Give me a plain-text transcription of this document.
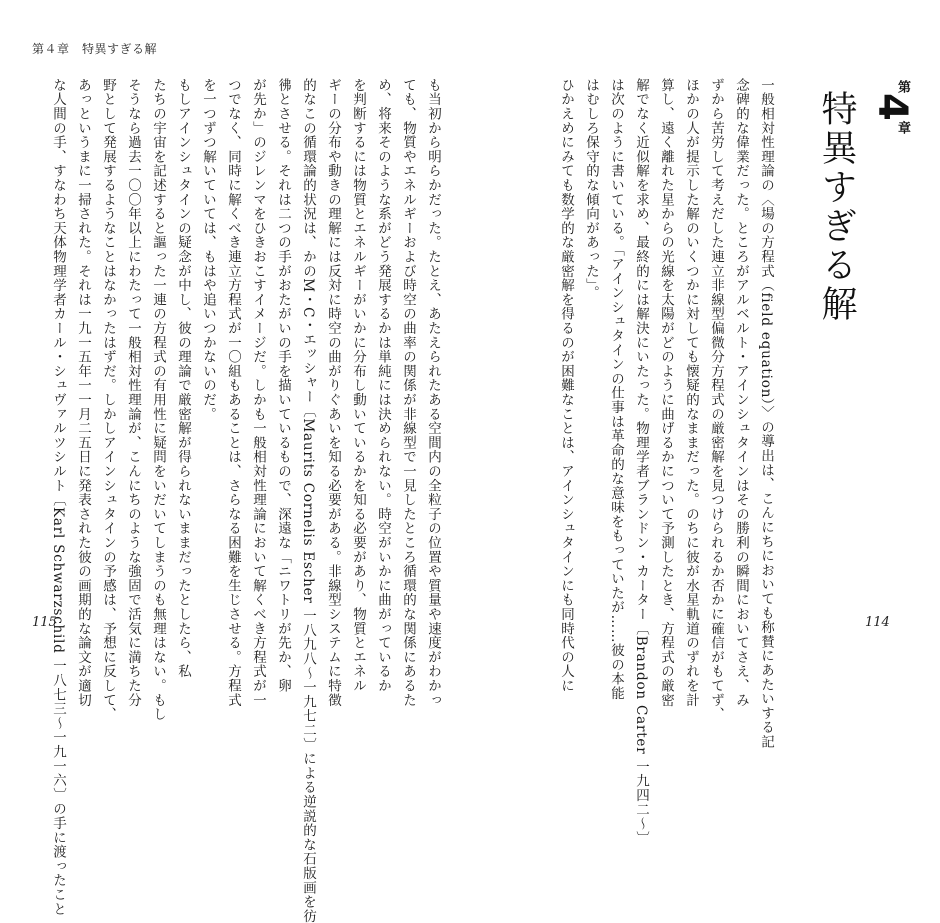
第４章　特異すぎる解
も当初から明らかだった。たとえ、あたえられたある空間内の全粒子の位置や質量や速度がわかっ
ても、物質やエネルギーおよび時空の曲率の関係が非線型で一見したところ循環的な関係にあるた
め、将来そのような系がどう発展するかは単純には決められない。時空がいかに曲がっているか
を判断するには物質とエネルギーがいかに分布し動いているかを知る必要があり、物質とエネル
ギーの分布や動きの理解には反対に時空の曲がりぐあいを知る必要がある。非線型システムに特徴
的なこの循環論的状況は、かのM・C・エッシャー〔Maurits Cornelis Escher 一八九八～一九七二〕による逆説的な石版画を彷
彿とさせる。それは二つの手がおたがいの手を描いているもので、深遠な「ニワトリが先か、卵
が先か」のジレンマをひきおこすイメージだ。しかも一般相対性理論において解くべき方程式が一
つでなく、同時に解くべき連立方程式が一〇組もあることは、さらなる困難を生じさせる。方程式
を一つずつ解いていては、もはや追いつかないのだ。
もしアインシュタインの疑念が中し、彼の理論で厳密解が得られないままだったとしたら、私
たちの宇宙を記述すると謳った一連の方程式の有用性に疑問をいだいてしまうのも無理はない。もし
そうなら過去一〇〇年以上にわたって一般相対性理論が、こんにちのような強固で活気に満ちた分
野として発展するようなことはなかったはずだ。しかしアインシュタインの予感は、予想に反して、
あっというまに一掃された。それは一九一五年一一月二五日に発表された彼の画期的な論文が適切
な人間の手、すなわち天体物理学者カール・シュヴァルツシルト〔Karl Schwarzschild 一八七三～一九一六〕の手に渡ったこと
115
第
4
章
特異すぎる解
一般相対性理論の〈場の方程式（field equation）〉の導出は、こんにちにおいても称賛にあたいする記
念碑的な偉業だった。ところがアルベルト・アインシュタインはその勝利の瞬間においてさえ、み
ずから苦労して考えだした連立非線型偏微分方程式の厳密解を見つけられるか否かに確信がもてず、
ほかの人が提示した解のいくつかに対しても懐疑的なままだった。のちに彼が水星軌道のずれを計
算し、遠く離れた星からの光線を太陽がどのように曲げるかについて予測したとき、方程式の厳密
解でなく近似解を求め、最終的には解決にいたった。物理学者ブランドン・カーター〔Brandon Carter 一九四二～〕
は次のように書いている。「アインシュタインの仕事は革命的な意味をもっていたが……彼の本能
はむしろ保守的な傾向があった」。
ひかえめにみても数学的な厳密解を得るのが困難なことは、アインシュタインにも同時代の人に	114
